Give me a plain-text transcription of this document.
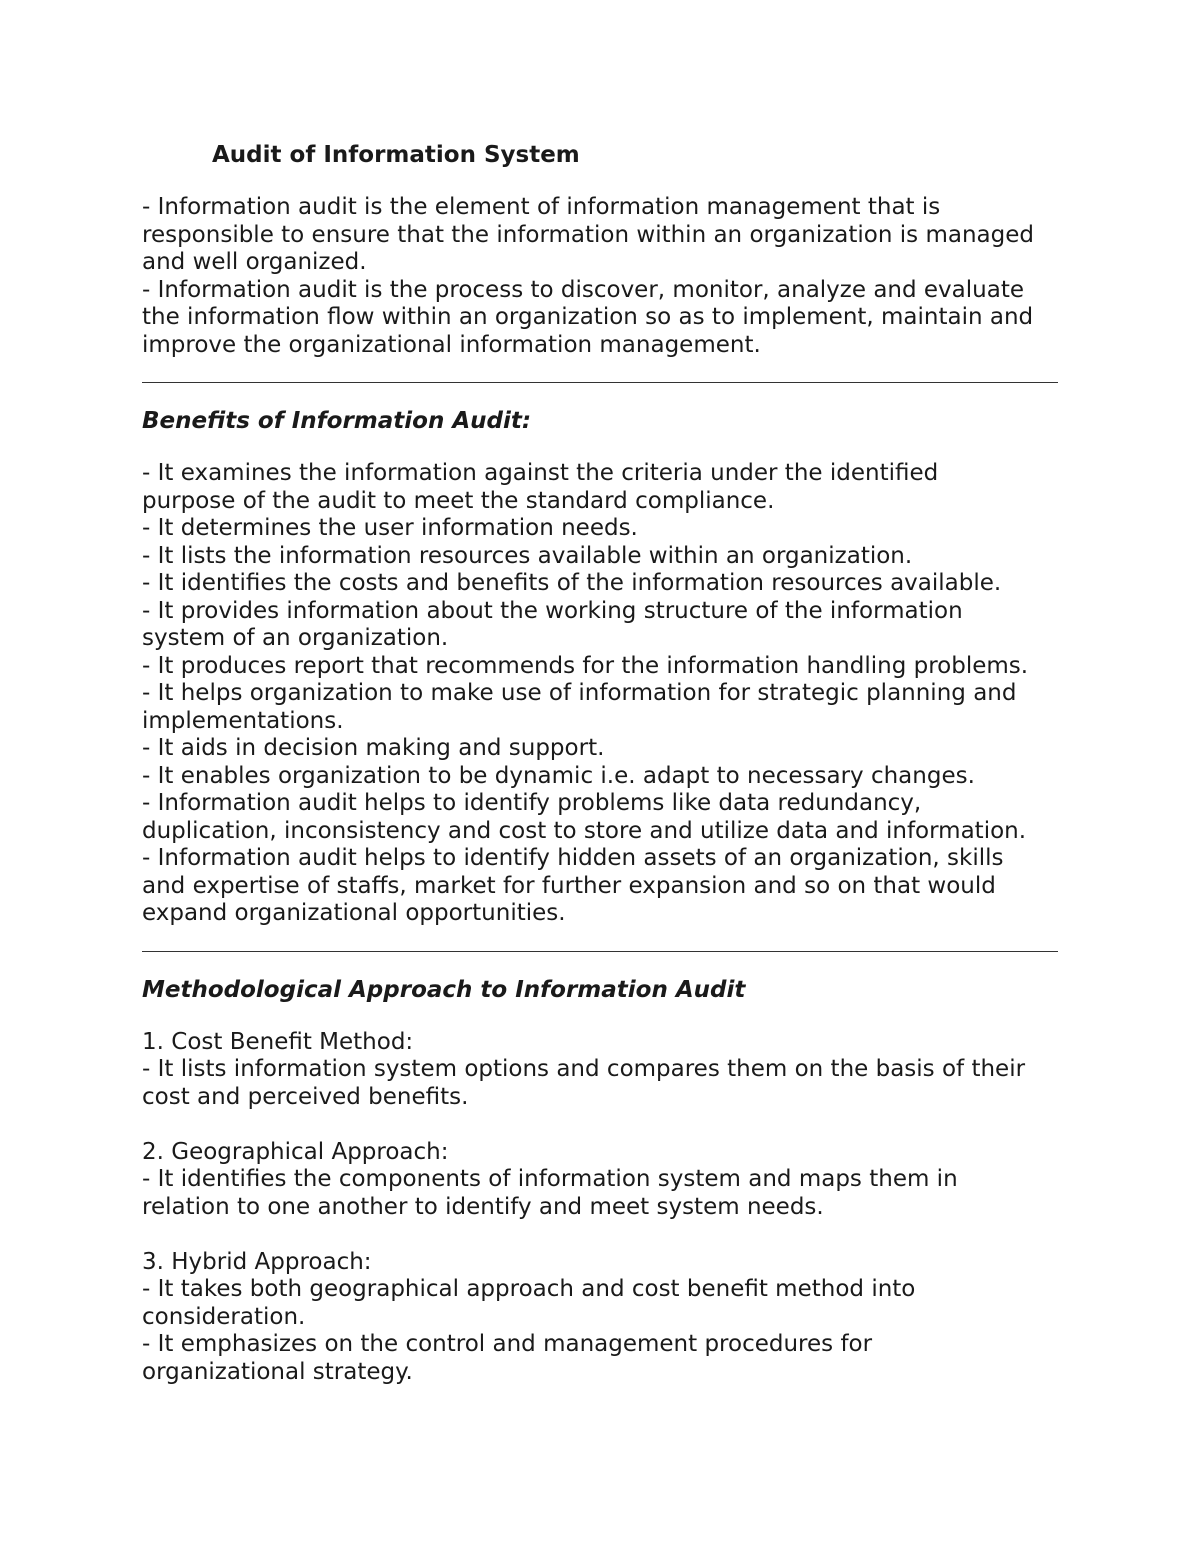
Audit of Information System

- Information audit is the element of information management that is

responsible to ensure that the information within an organization is managed

and well organized.

- Information audit is the process to discover, monitor, analyze and evaluate

the information flow within an organization so as to implement, maintain and

improve the organizational information management.

Benefits of Information Audit:

- It examines the information against the criteria under the identified

purpose of the audit to meet the standard compliance.

- It determines the user information needs.

- It lists the information resources available within an organization.

- It identifies the costs and benefits of the information resources available.

- It provides information about the working structure of the information

system of an organization.

- It produces report that recommends for the information handling problems.

- It helps organization to make use of information for strategic planning and

implementations.

- It aids in decision making and support.

- It enables organization to be dynamic i.e. adapt to necessary changes.

- Information audit helps to identify problems like data redundancy,

duplication, inconsistency and cost to store and utilize data and information.

- Information audit helps to identify hidden assets of an organization, skills

and expertise of staffs, market for further expansion and so on that would

expand organizational opportunities.

Methodological Approach to Information Audit

1. Cost Benefit Method:

- It lists information system options and compares them on the basis of their

cost and perceived benefits.

2. Geographical Approach:

- It identifies the components of information system and maps them in

relation to one another to identify and meet system needs.

3. Hybrid Approach:

- It takes both geographical approach and cost benefit method into

consideration.

- It emphasizes on the control and management procedures for

organizational strategy.
